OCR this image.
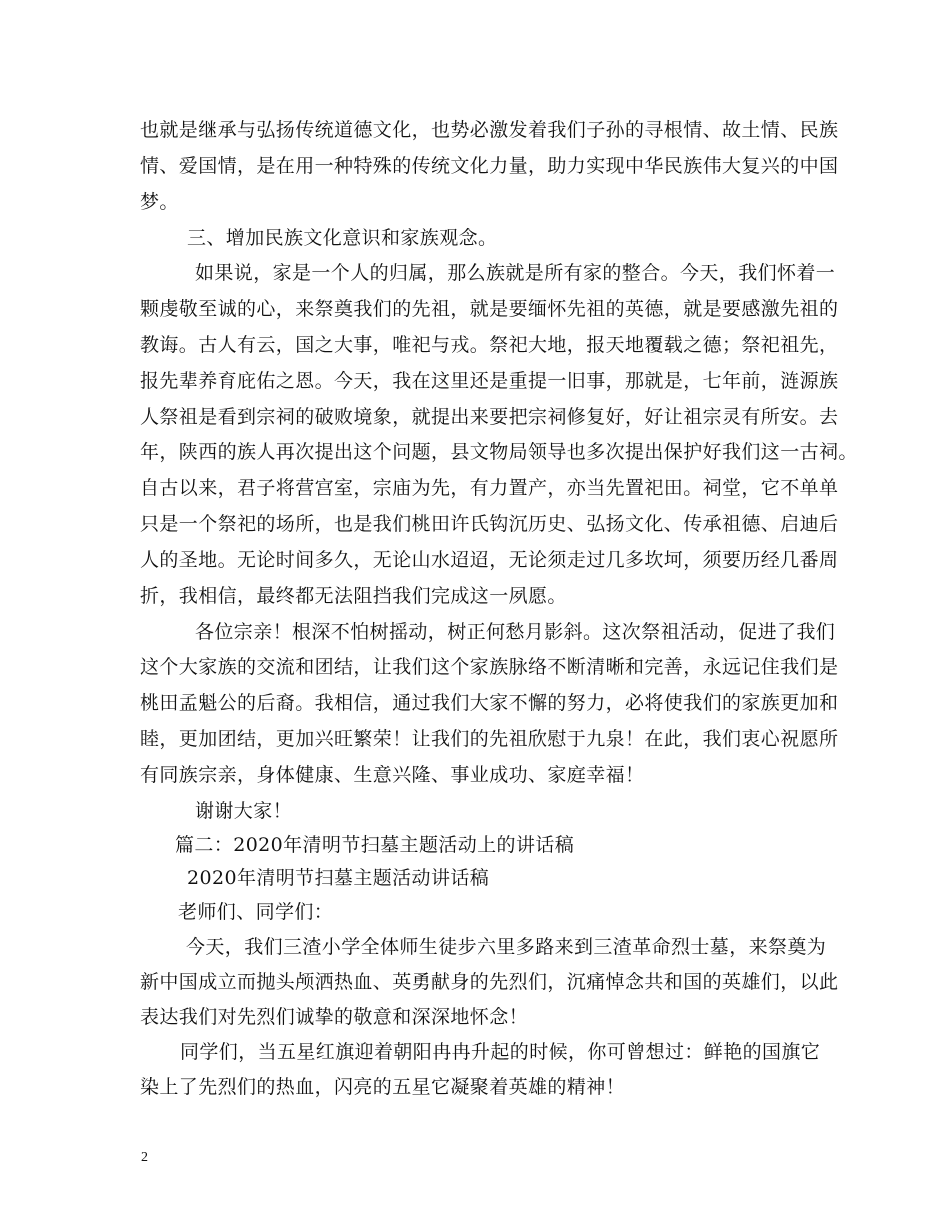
也就是继承与弘扬传统道德文化，也势必激发着我们子孙的寻根情、故土情、民族
情、爱国情，是在用一种特殊的传统文化力量，助力实现中华民族伟大复兴的中国
梦。
三、增加民族文化意识和家族观念。
如果说，家是一个人的归属，那么族就是所有家的整合。今天，我们怀着一
颗虔敬至诚的心，来祭奠我们的先祖，就是要缅怀先祖的英德，就是要感激先祖的
教诲。古人有云，国之大事，唯祀与戎。祭祀大地，报天地覆载之德；祭祀祖先，
报先辈养育庇佑之恩。今天，我在这里还是重提一旧事，那就是，七年前，涟源族
人祭祖是看到宗祠的破败境象，就提出来要把宗祠修复好，好让祖宗灵有所安。去
年，陕西的族人再次提出这个问题，县文物局领导也多次提出保护好我们这一古祠。
自古以来，君子将营宫室，宗庙为先，有力置产，亦当先置祀田。祠堂，它不单单
只是一个祭祀的场所，也是我们桃田许氏钩沉历史、弘扬文化、传承祖德、启迪后
人的圣地。无论时间多久，无论山水迢迢，无论须走过几多坎坷，须要历经几番周
折，我相信，最终都无法阻挡我们完成这一夙愿。
各位宗亲！根深不怕树摇动，树正何愁月影斜。这次祭祖活动，促进了我们
这个大家族的交流和团结，让我们这个家族脉络不断清晰和完善，永远记住我们是
桃田孟魁公的后裔。我相信，通过我们大家不懈的努力，必将使我们的家族更加和
睦，更加团结，更加兴旺繁荣！让我们的先祖欣慰于九泉！在此，我们衷心祝愿所
有同族宗亲，身体健康、生意兴隆、事业成功、家庭幸福！
谢谢大家！
篇二：2020年清明节扫墓主题活动上的讲话稿
2020年清明节扫墓主题活动讲话稿
老师们、同学们：
今天，我们三渣小学全体师生徒步六里多路来到三渣革命烈士墓，来祭奠为
新中国成立而抛头颅洒热血、英勇献身的先烈们，沉痛悼念共和国的英雄们，以此
表达我们对先烈们诚挚的敬意和深深地怀念！
同学们，当五星红旗迎着朝阳冉冉升起的时候，你可曾想过：鲜艳的国旗它
染上了先烈们的热血，闪亮的五星它凝聚着英雄的精神！
2
